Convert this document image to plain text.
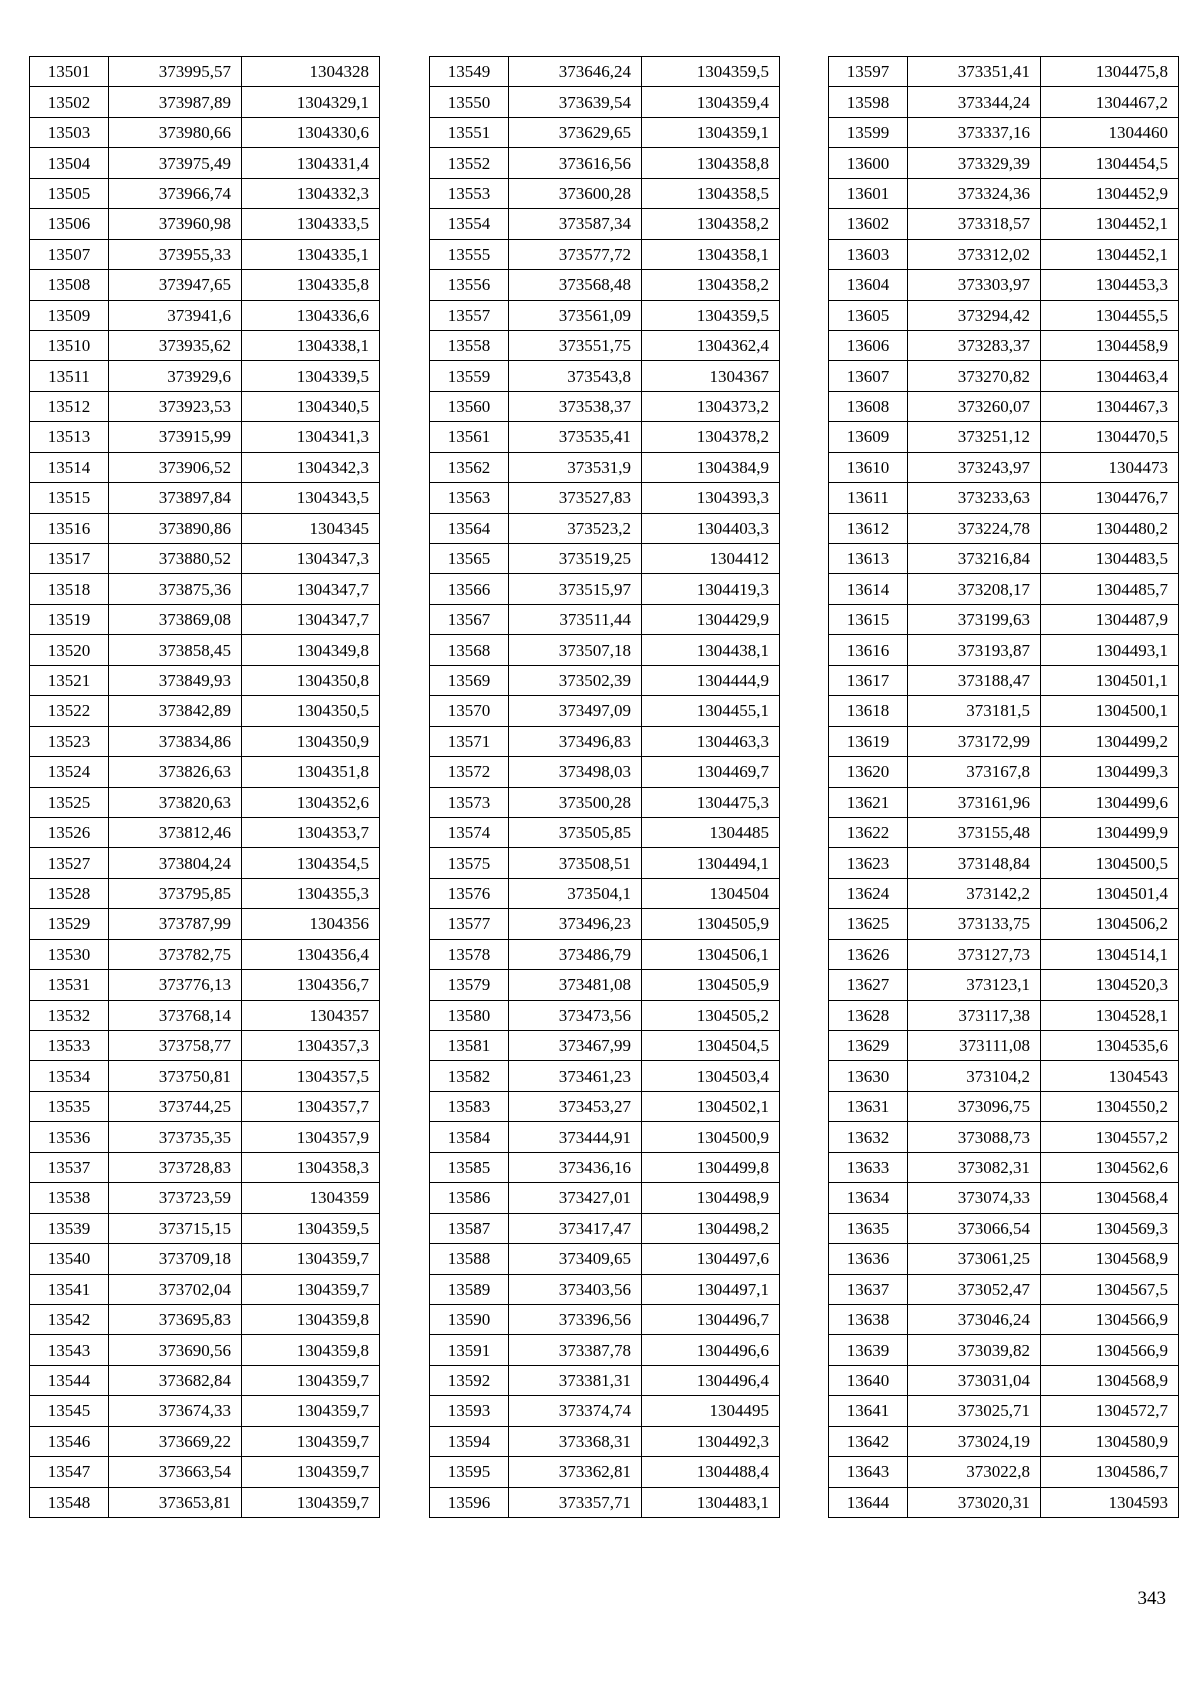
13501	373995,57	1304328
13502	373987,89	1304329,1
13503	373980,66	1304330,6
13504	373975,49	1304331,4
13505	373966,74	1304332,3
13506	373960,98	1304333,5
13507	373955,33	1304335,1
13508	373947,65	1304335,8
13509	373941,6	1304336,6
13510	373935,62	1304338,1
13511	373929,6	1304339,5
13512	373923,53	1304340,5
13513	373915,99	1304341,3
13514	373906,52	1304342,3
13515	373897,84	1304343,5
13516	373890,86	1304345
13517	373880,52	1304347,3
13518	373875,36	1304347,7
13519	373869,08	1304347,7
13520	373858,45	1304349,8
13521	373849,93	1304350,8
13522	373842,89	1304350,5
13523	373834,86	1304350,9
13524	373826,63	1304351,8
13525	373820,63	1304352,6
13526	373812,46	1304353,7
13527	373804,24	1304354,5
13528	373795,85	1304355,3
13529	373787,99	1304356
13530	373782,75	1304356,4
13531	373776,13	1304356,7
13532	373768,14	1304357
13533	373758,77	1304357,3
13534	373750,81	1304357,5
13535	373744,25	1304357,7
13536	373735,35	1304357,9
13537	373728,83	1304358,3
13538	373723,59	1304359
13539	373715,15	1304359,5
13540	373709,18	1304359,7
13541	373702,04	1304359,7
13542	373695,83	1304359,8
13543	373690,56	1304359,8
13544	373682,84	1304359,7
13545	373674,33	1304359,7
13546	373669,22	1304359,7
13547	373663,54	1304359,7
13548	373653,81	1304359,7
13549	373646,24	1304359,5
13550	373639,54	1304359,4
13551	373629,65	1304359,1
13552	373616,56	1304358,8
13553	373600,28	1304358,5
13554	373587,34	1304358,2
13555	373577,72	1304358,1
13556	373568,48	1304358,2
13557	373561,09	1304359,5
13558	373551,75	1304362,4
13559	373543,8	1304367
13560	373538,37	1304373,2
13561	373535,41	1304378,2
13562	373531,9	1304384,9
13563	373527,83	1304393,3
13564	373523,2	1304403,3
13565	373519,25	1304412
13566	373515,97	1304419,3
13567	373511,44	1304429,9
13568	373507,18	1304438,1
13569	373502,39	1304444,9
13570	373497,09	1304455,1
13571	373496,83	1304463,3
13572	373498,03	1304469,7
13573	373500,28	1304475,3
13574	373505,85	1304485
13575	373508,51	1304494,1
13576	373504,1	1304504
13577	373496,23	1304505,9
13578	373486,79	1304506,1
13579	373481,08	1304505,9
13580	373473,56	1304505,2
13581	373467,99	1304504,5
13582	373461,23	1304503,4
13583	373453,27	1304502,1
13584	373444,91	1304500,9
13585	373436,16	1304499,8
13586	373427,01	1304498,9
13587	373417,47	1304498,2
13588	373409,65	1304497,6
13589	373403,56	1304497,1
13590	373396,56	1304496,7
13591	373387,78	1304496,6
13592	373381,31	1304496,4
13593	373374,74	1304495
13594	373368,31	1304492,3
13595	373362,81	1304488,4
13596	373357,71	1304483,1
13597	373351,41	1304475,8
13598	373344,24	1304467,2
13599	373337,16	1304460
13600	373329,39	1304454,5
13601	373324,36	1304452,9
13602	373318,57	1304452,1
13603	373312,02	1304452,1
13604	373303,97	1304453,3
13605	373294,42	1304455,5
13606	373283,37	1304458,9
13607	373270,82	1304463,4
13608	373260,07	1304467,3
13609	373251,12	1304470,5
13610	373243,97	1304473
13611	373233,63	1304476,7
13612	373224,78	1304480,2
13613	373216,84	1304483,5
13614	373208,17	1304485,7
13615	373199,63	1304487,9
13616	373193,87	1304493,1
13617	373188,47	1304501,1
13618	373181,5	1304500,1
13619	373172,99	1304499,2
13620	373167,8	1304499,3
13621	373161,96	1304499,6
13622	373155,48	1304499,9
13623	373148,84	1304500,5
13624	373142,2	1304501,4
13625	373133,75	1304506,2
13626	373127,73	1304514,1
13627	373123,1	1304520,3
13628	373117,38	1304528,1
13629	373111,08	1304535,6
13630	373104,2	1304543
13631	373096,75	1304550,2
13632	373088,73	1304557,2
13633	373082,31	1304562,6
13634	373074,33	1304568,4
13635	373066,54	1304569,3
13636	373061,25	1304568,9
13637	373052,47	1304567,5
13638	373046,24	1304566,9
13639	373039,82	1304566,9
13640	373031,04	1304568,9
13641	373025,71	1304572,7
13642	373024,19	1304580,9
13643	373022,8	1304586,7
13644	373020,31	1304593
343
